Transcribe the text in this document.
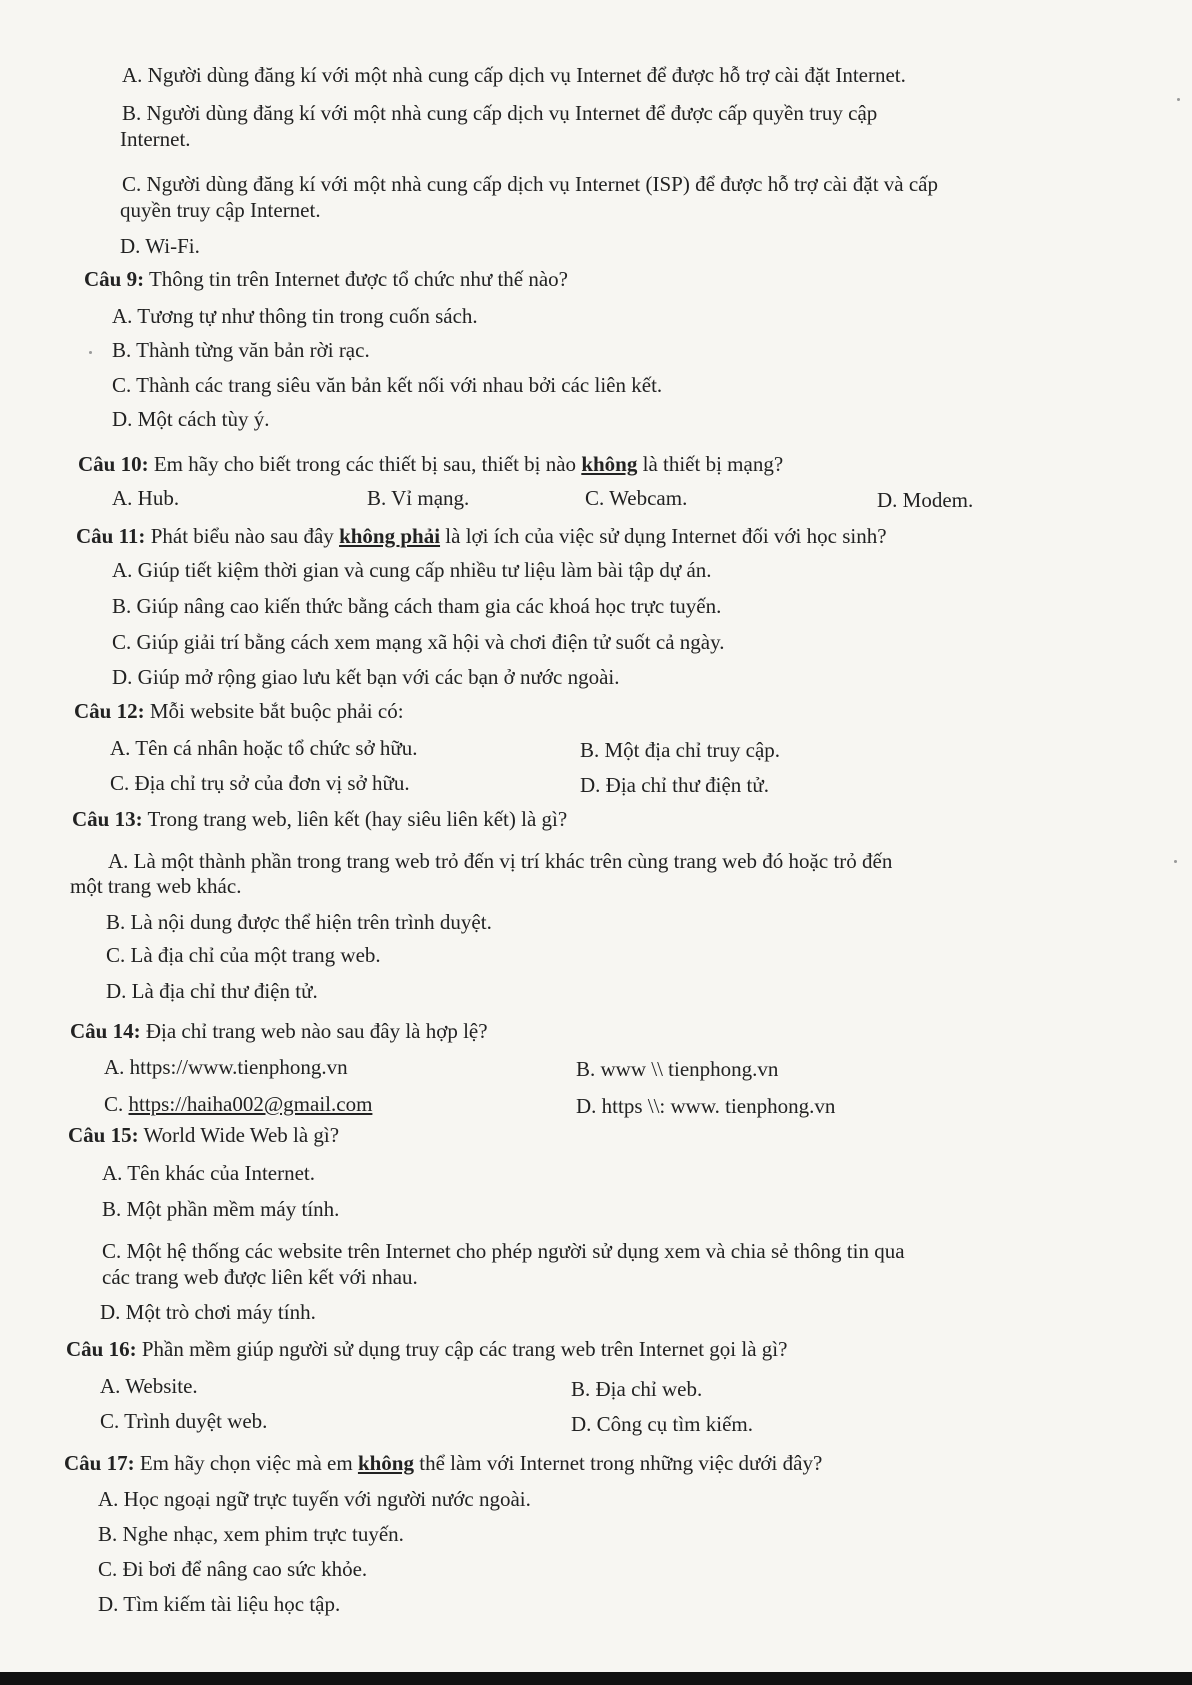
A. Người dùng đăng kí với một nhà cung cấp dịch vụ Internet để được hỗ trợ cài đặt Internet.
B. Người dùng đăng kí với một nhà cung cấp dịch vụ Internet để được cấp quyền truy cập
Internet.
C. Người dùng đăng kí với một nhà cung cấp dịch vụ Internet (ISP) để được hỗ trợ cài đặt và cấp
quyền truy cập Internet.
D. Wi-Fi.
Câu 9: Thông tin trên Internet được tổ chức như thế nào?
A. Tương tự như thông tin trong cuốn sách.
B. Thành từng văn bản rời rạc.
C. Thành các trang siêu văn bản kết nối với nhau bởi các liên kết.
D. Một cách tùy ý.
Câu 10: Em hãy cho biết trong các thiết bị sau, thiết bị nào không là thiết bị mạng?
A. Hub.	B. Vỉ mạng.	C. Webcam.	D. Modem.
Câu 11: Phát biểu nào sau đây không phải là lợi ích của việc sử dụng Internet đối với học sinh?
A. Giúp tiết kiệm thời gian và cung cấp nhiều tư liệu làm bài tập dự án.
B. Giúp nâng cao kiến thức bằng cách tham gia các khoá học trực tuyến.
C. Giúp giải trí bằng cách xem mạng xã hội và chơi điện tử suốt cả ngày.
D. Giúp mở rộng giao lưu kết bạn với các bạn ở nước ngoài.
Câu 12: Mỗi website bắt buộc phải có:
A. Tên cá nhân hoặc tổ chức sở hữu.	B. Một địa chỉ truy cập.
C. Địa chỉ trụ sở của đơn vị sở hữu.	D. Địa chỉ thư điện tử.
Câu 13: Trong trang web, liên kết (hay siêu liên kết) là gì?
A. Là một thành phần trong trang web trỏ đến vị trí khác trên cùng trang web đó hoặc trỏ đến
một trang web khác.
B. Là nội dung được thể hiện trên trình duyệt.
C. Là địa chỉ của một trang web.
D. Là địa chỉ thư điện tử.
Câu 14: Địa chỉ trang web nào sau đây là hợp lệ?
A. https://www.tienphong.vn	B. www \\ tienphong.vn
C. https://haiha002@gmail.com	D. https \\: www. tienphong.vn
Câu 15: World Wide Web là gì?
A. Tên khác của Internet.
B. Một phần mềm máy tính.
C. Một hệ thống các website trên Internet cho phép người sử dụng xem và chia sẻ thông tin qua
các trang web được liên kết với nhau.
D. Một trò chơi máy tính.
Câu 16: Phần mềm giúp người sử dụng truy cập các trang web trên Internet gọi là gì?
A. Website.	B. Địa chỉ web.
C. Trình duyệt web.	D. Công cụ tìm kiếm.
Câu 17: Em hãy chọn việc mà em không thể làm với Internet trong những việc dưới đây?
A. Học ngoại ngữ trực tuyến với người nước ngoài.
B. Nghe nhạc, xem phim trực tuyến.
C. Đi bơi để nâng cao sức khỏe.
D. Tìm kiếm tài liệu học tập.
